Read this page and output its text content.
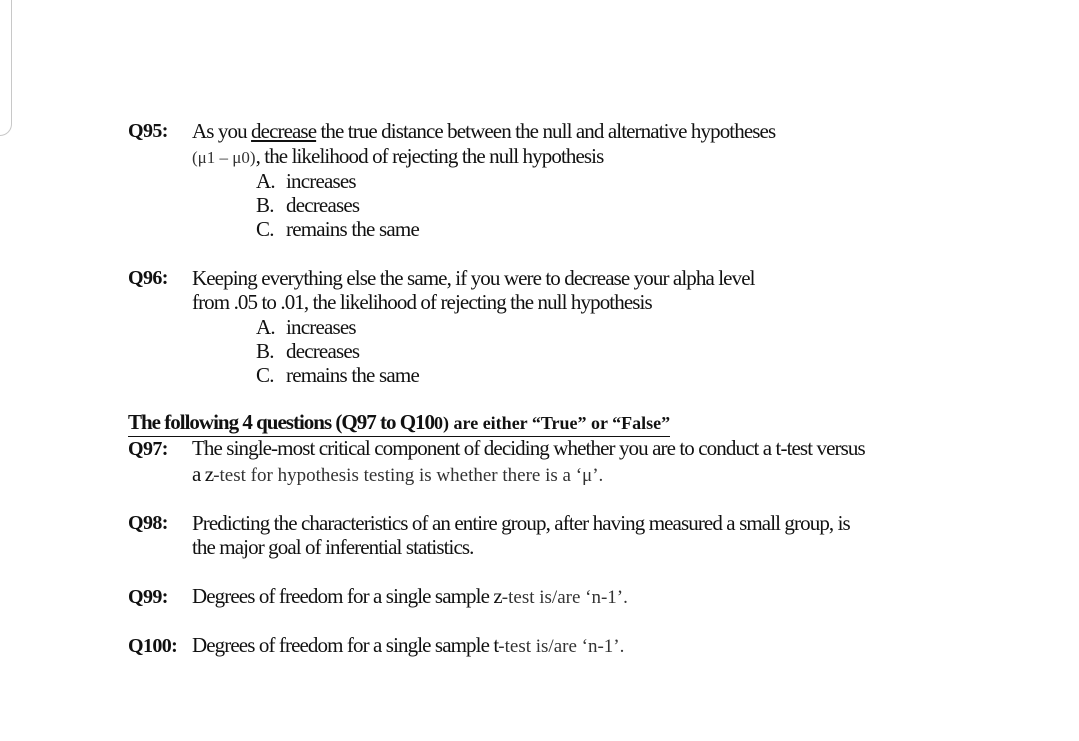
Q95: As you decrease the true distance between the null and alternative hypotheses
(μ1 – μ0), the likelihood of rejecting the null hypothesis
A. increases
B. decreases
C. remains the same
Q96: Keeping everything else the same, if you were to decrease your alpha level
from .05 to .01, the likelihood of rejecting the null hypothesis
A. increases
B. decreases
C. remains the same
The following 4 questions (Q97 to Q100) are either “True” or “False”
Q97: The single-most critical component of deciding whether you are to conduct a t-test versus
a z-test for hypothesis testing is whether there is a ‘μ’.
Q98: Predicting the characteristics of an entire group, after having measured a small group, is
the major goal of inferential statistics.
Q99: Degrees of freedom for a single sample z-test is/are ‘n-1’.
Q100: Degrees of freedom for a single sample t-test is/are ‘n-1’.
